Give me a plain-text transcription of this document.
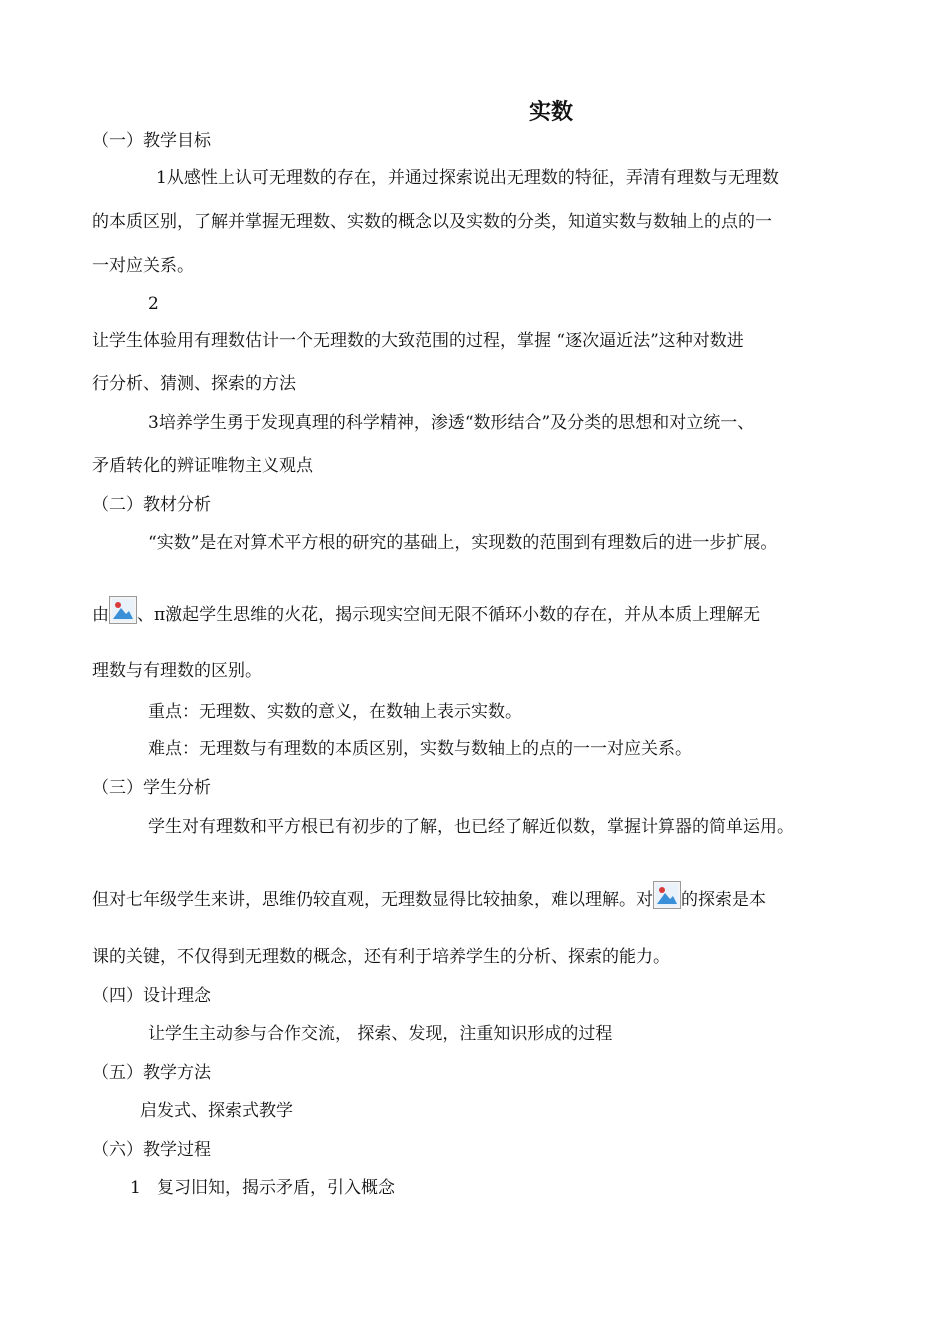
实数
（一）教学目标
1从感性上认可无理数的存在，并通过探索说出无理数的特征，弄清有理数与无理数
的本质区别，了解并掌握无理数、实数的概念以及实数的分类，知道实数与数轴上的点的一
一对应关系。
2
让学生体验用有理数估计一个无理数的大致范围的过程，掌握 “逐次逼近法”这种对数进
行分析、猜测、探索的方法
3培养学生勇于发现真理的科学精神，渗透“数形结合”及分类的思想和对立统一、
矛盾转化的辨证唯物主义观点
（二）教材分析
“实数”是在对算术平方根的研究的基础上，实现数的范围到有理数后的进一步扩展。
由 、π激起学生思维的火花，揭示现实空间无限不循环小数的存在，并从本质上理解无
理数与有理数的区别。
重点：无理数、实数的意义，在数轴上表示实数。
难点：无理数与有理数的本质区别，实数与数轴上的点的一一对应关系。
（三）学生分析
学生对有理数和平方根已有初步的了解，也已经了解近似数，掌握计算器的简单运用。
但对七年级学生来讲，思维仍较直观，无理数显得比较抽象，难以理解。对 的探索是本
课的关键，不仅得到无理数的概念，还有利于培养学生的分析、探索的能力。
（四）设计理念
让学生主动参与合作交流， 探索、发现，注重知识形成的过程
（五）教学方法
启发式、探索式教学
（六）教学过程
1   复习旧知，揭示矛盾，引入概念
